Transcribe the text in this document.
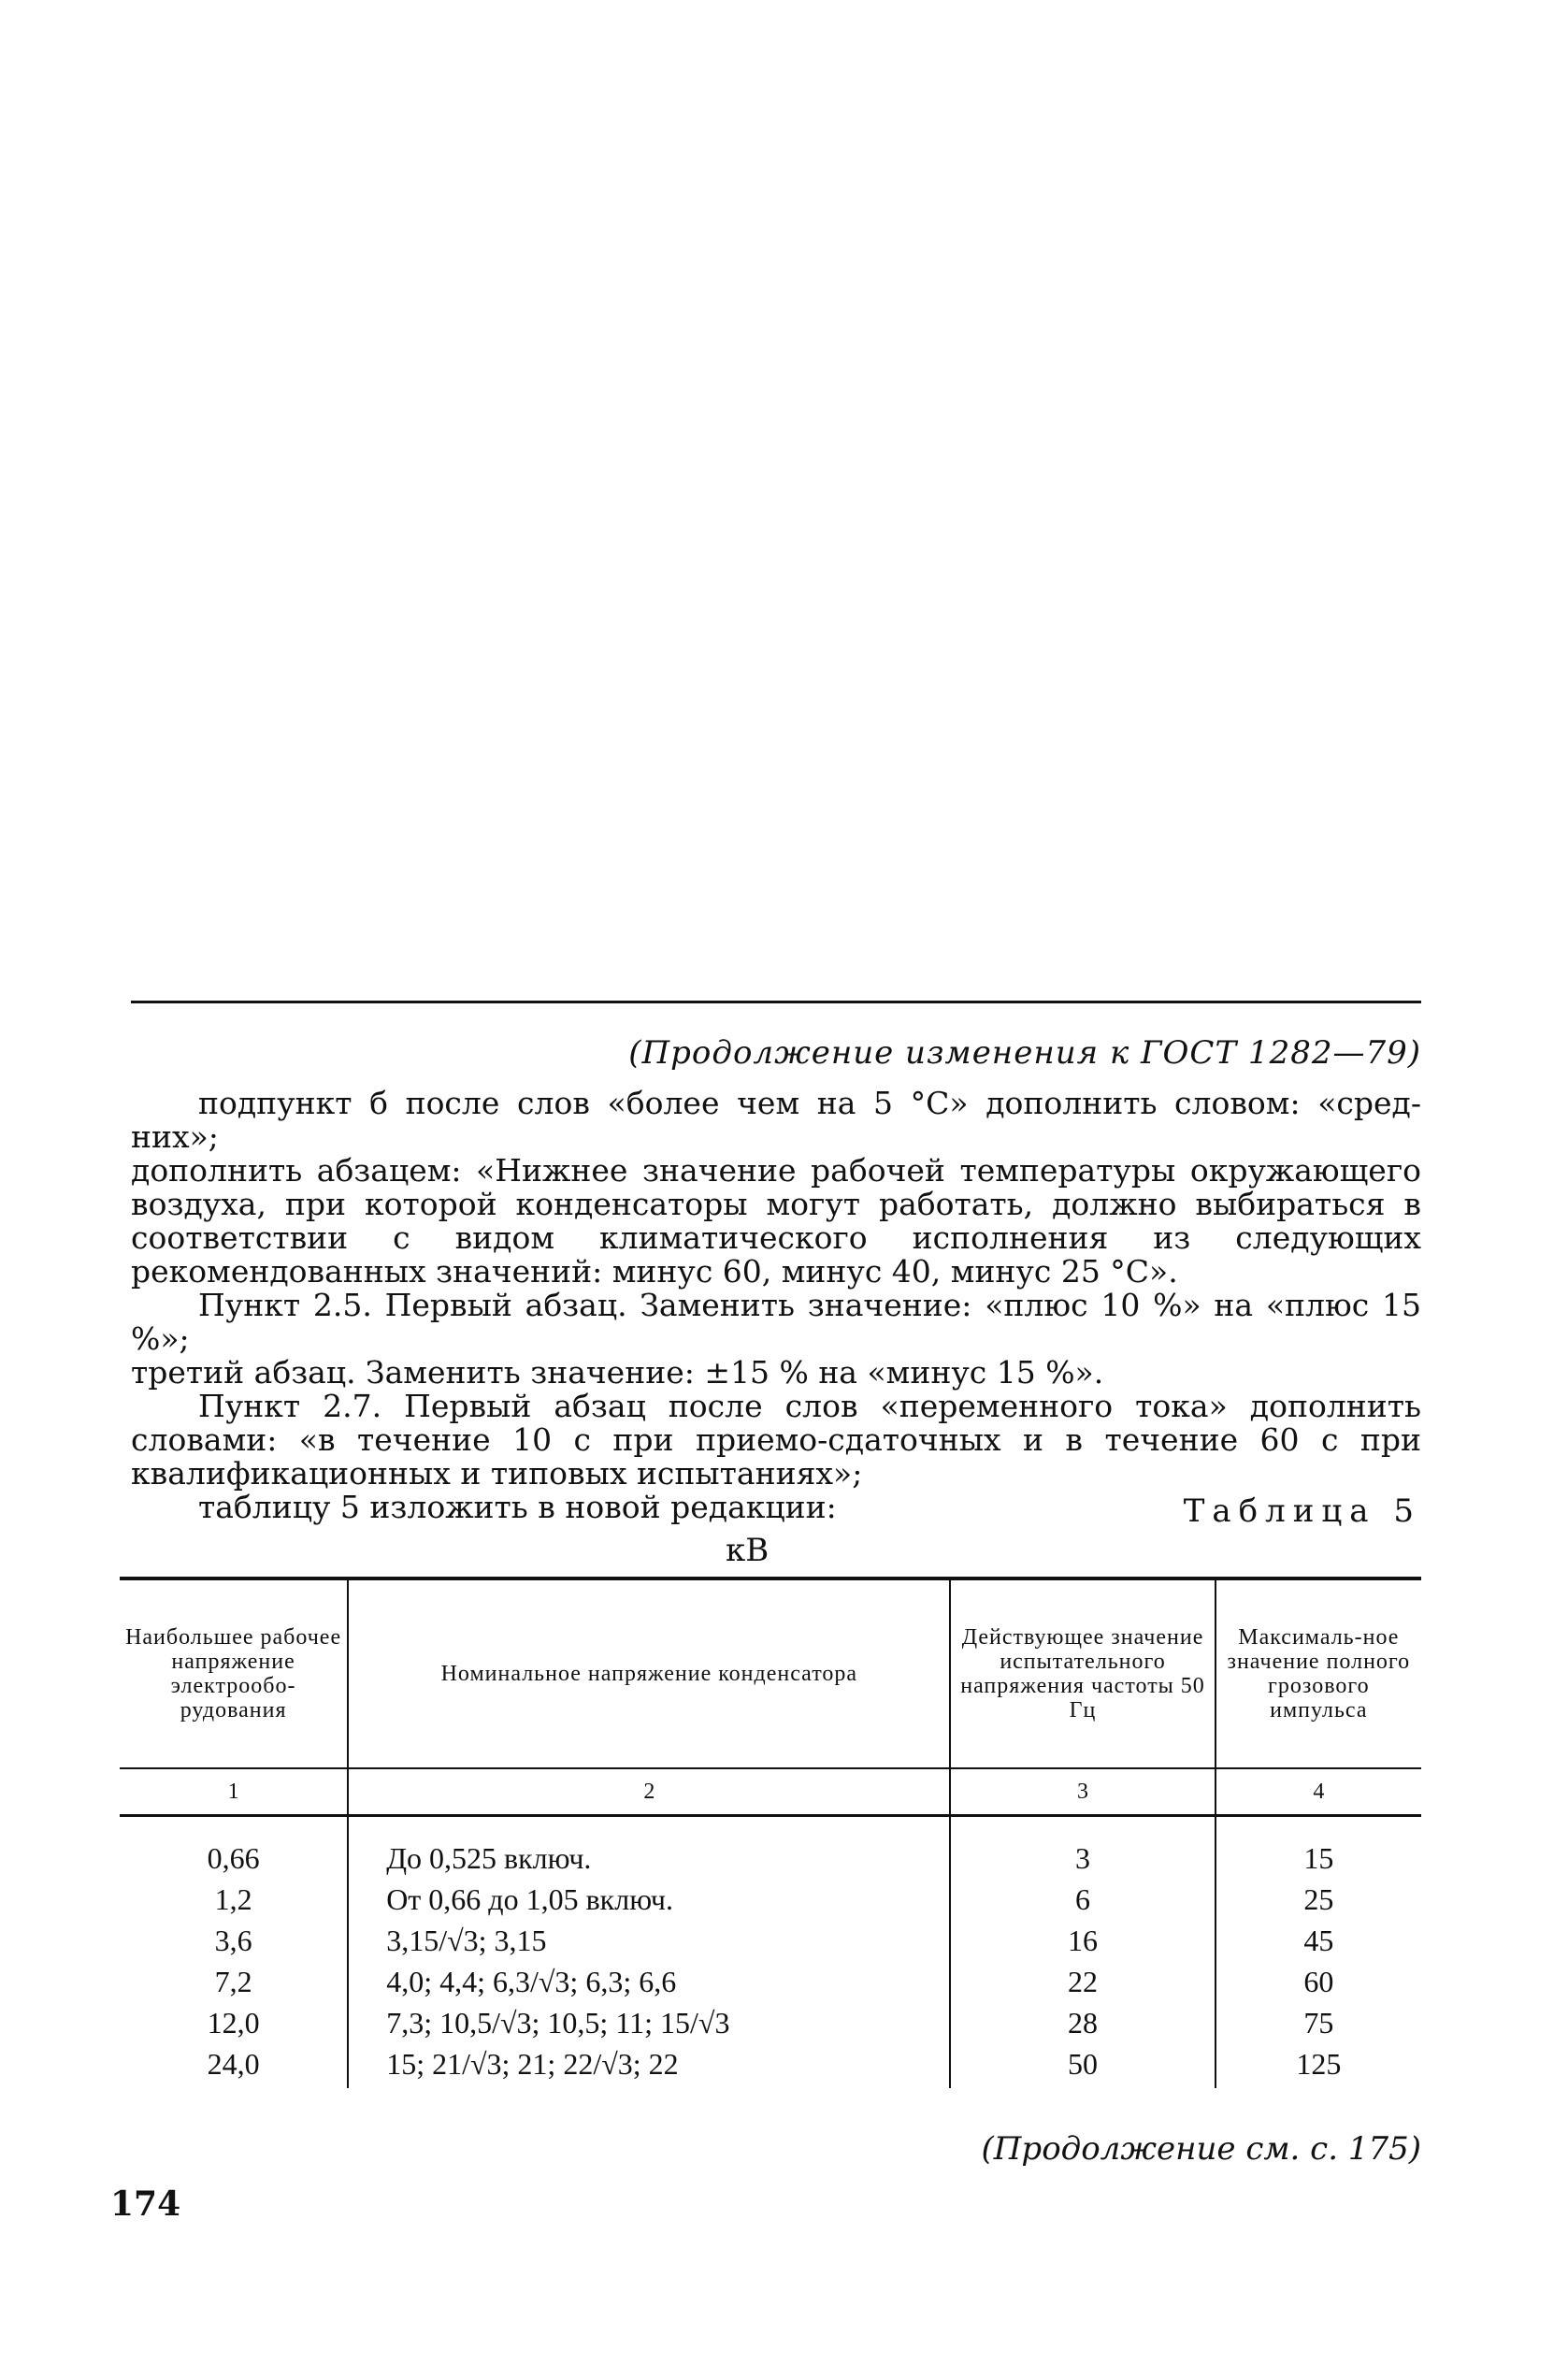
(Продолжение изменения к ГОСТ 1282—79)

подпункт б после слов «более чем на 5 °С» дополнить словом: «сред-них»;

дополнить абзацем: «Нижнее значение рабочей температуры окружающего воздуха, при которой конденсаторы могут работать, должно выбираться в соответствии с видом климатического исполнения из следующих рекомендованных значений: минус 60, минус 40, минус 25 °С».

Пункт 2.5. Первый абзац. Заменить значение: «плюс 10 %» на «плюс 15 %»;

третий абзац. Заменить значение: ±15 % на «минус 15 %».

Пункт 2.7. Первый абзац после слов «переменного тока» дополнить словами: «в течение 10 с при приемо-сдаточных и в течение 60 с при квалификационных и типовых испытаниях»;

таблицу 5 изложить в новой редакции:	Таблица 5
кВ
Наибольшее рабочее напряжение электрообо-рудования	Номинальное напряжение конденсатора	Действующее значение испытательного напряжения частоты 50 Гц	Максималь-ное значение полного грозового импульса
1	2	3	4
0,66	До 0,525 включ.	3	15
1,2	От 0,66 до 1,05 включ.	6	25
3,6	3,15/√3; 3,15	16	45
7,2	4,0; 4,4; 6,3/√3; 6,3; 6,6	22	60
12,0	7,3; 10,5/√3; 10,5; 11; 15/√3	28	75
24,0	15; 21/√3; 21; 22/√3; 22	50	125
(Продолжение см. с. 175)
174
